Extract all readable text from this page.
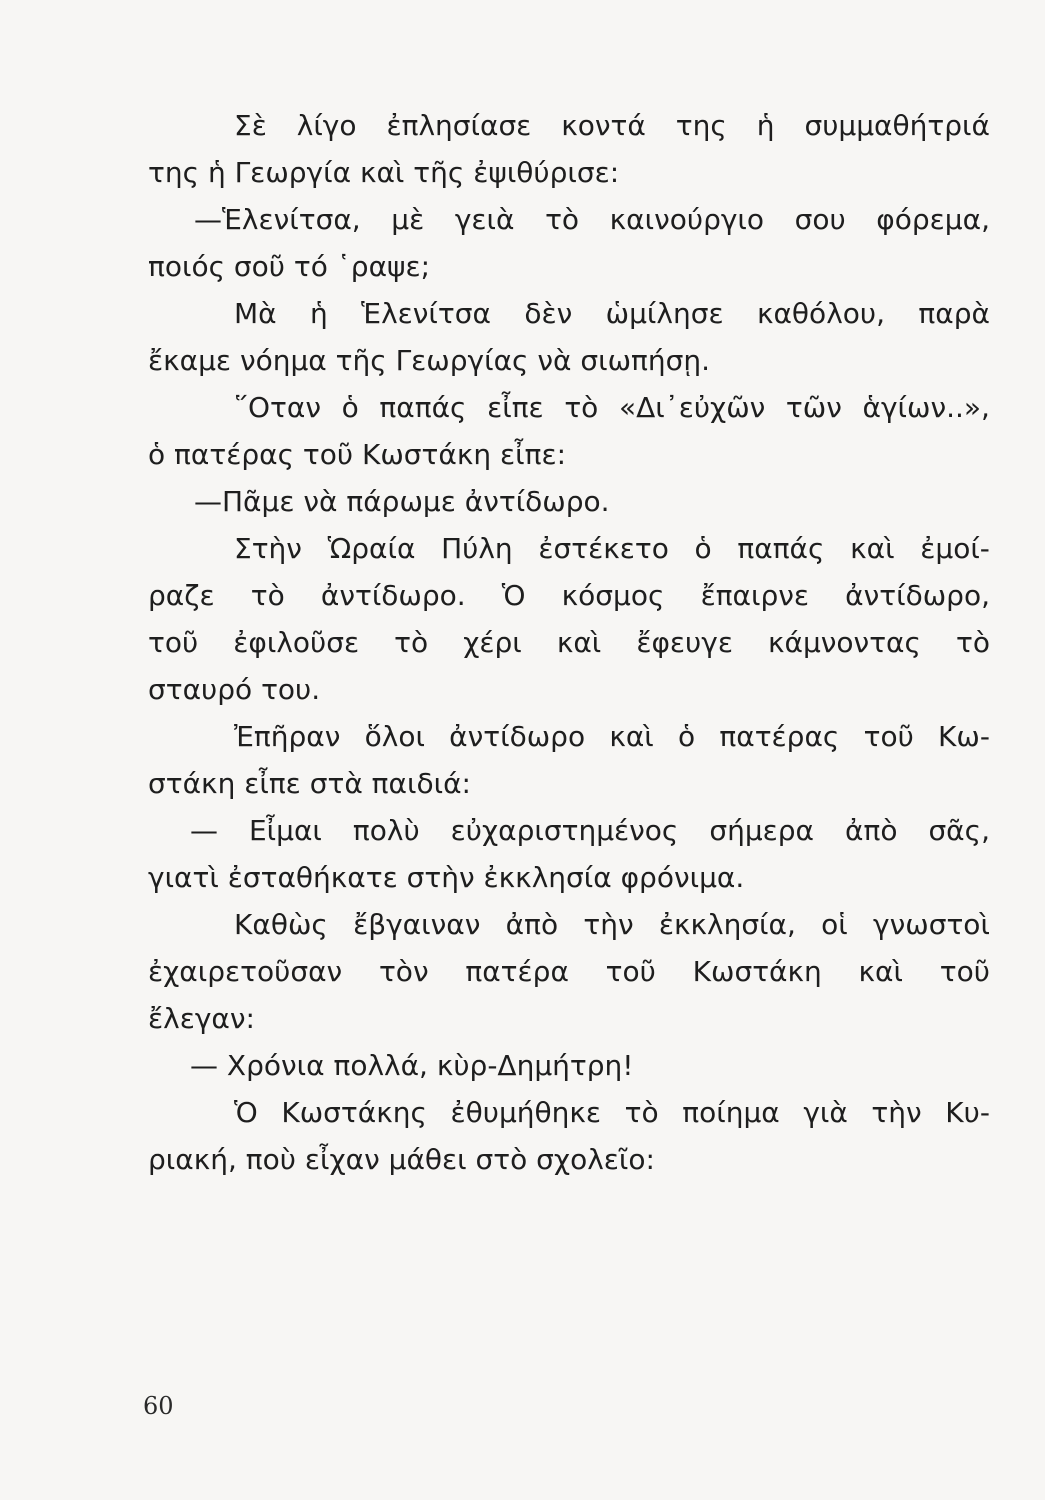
Σὲ λίγο ἐπλησίασε κοντά της ἡ συμμαθήτριά
της ἡ Γεωργία καὶ τῆς ἐψιθύρισε:
—Ἑλενίτσα, μὲ γειὰ τὸ καινούργιο σου φόρεμα,
ποιός σοῦ τό ῾ραψε;
Μὰ ἡ Ἑλενίτσα δὲν ὡμίλησε καθόλου, παρὰ
ἔκαμε νόημα τῆς Γεωργίας νὰ σιωπήσῃ.
῞Οταν ὁ παπάς εἶπε τὸ «Δι᾽εὐχῶν τῶν ἁγίων..»,
ὁ πατέρας τοῦ Κωστάκη εἶπε:
—Πᾶμε νὰ πάρωμε ἀντίδωρο.
Στὴν Ὡραία Πύλη ἐστέκετο ὁ παπάς καὶ ἐμοί-
ραζε τὸ ἀντίδωρο. Ὁ κόσμος ἔπαιρνε ἀντίδωρο,
τοῦ ἐφιλοῦσε τὸ χέρι καὶ ἔφευγε κάμνοντας τὸ
σταυρό του.
Ἐπῆραν ὅλοι ἀντίδωρο καὶ ὁ πατέρας τοῦ Κω-
στάκη εἶπε στὰ παιδιά:
— Εἶμαι πολὺ εὐχαριστημένος σήμερα ἀπὸ σᾶς,
γιατὶ ἐσταθήκατε στὴν ἐκκλησία φρόνιμα.
Καθὼς ἔβγαιναν ἀπὸ τὴν ἐκκλησία, οἱ γνωστοὶ
ἐχαιρετοῦσαν τὸν πατέρα τοῦ Κωστάκη καὶ τοῦ
ἔλεγαν:
— Χρόνια πολλά, κὺρ-Δημήτρη!
Ὁ Κωστάκης ἐθυμήθηκε τὸ ποίημα γιὰ τὴν Κυ-
ριακή, ποὺ εἶχαν μάθει στὸ σχολεῖο:
60
